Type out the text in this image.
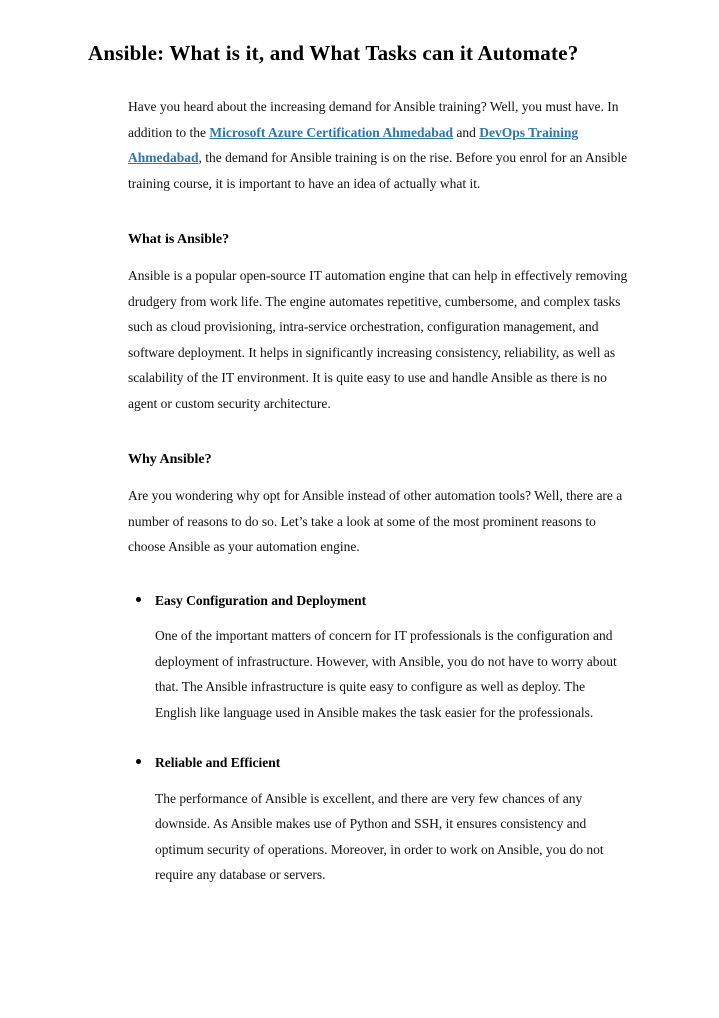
Ansible: What is it, and What Tasks can it Automate?

Have you heard about the increasing demand for Ansible training? Well, you must have. In addition to the Microsoft Azure Certification Ahmedabad and DevOps Training Ahmedabad, the demand for Ansible training is on the rise. Before you enrol for an Ansible training course, it is important to have an idea of actually what it.

What is Ansible?

Ansible is a popular open-source IT automation engine that can help in effectively removing drudgery from work life. The engine automates repetitive, cumbersome, and complex tasks such as cloud provisioning, intra-service orchestration, configuration management, and software deployment. It helps in significantly increasing consistency, reliability, as well as scalability of the IT environment. It is quite easy to use and handle Ansible as there is no agent or custom security architecture.

Why Ansible?

Are you wondering why opt for Ansible instead of other automation tools? Well, there are a number of reasons to do so. Let’s take a look at some of the most prominent reasons to choose Ansible as your automation engine.

Easy Configuration and Deployment

One of the important matters of concern for IT professionals is the configuration and deployment of infrastructure. However, with Ansible, you do not have to worry about that. The Ansible infrastructure is quite easy to configure as well as deploy. The English like language used in Ansible makes the task easier for the professionals.

Reliable and Efficient

The performance of Ansible is excellent, and there are very few chances of any downside. As Ansible makes use of Python and SSH, it ensures consistency and optimum security of operations. Moreover, in order to work on Ansible, you do not require any database or servers.
